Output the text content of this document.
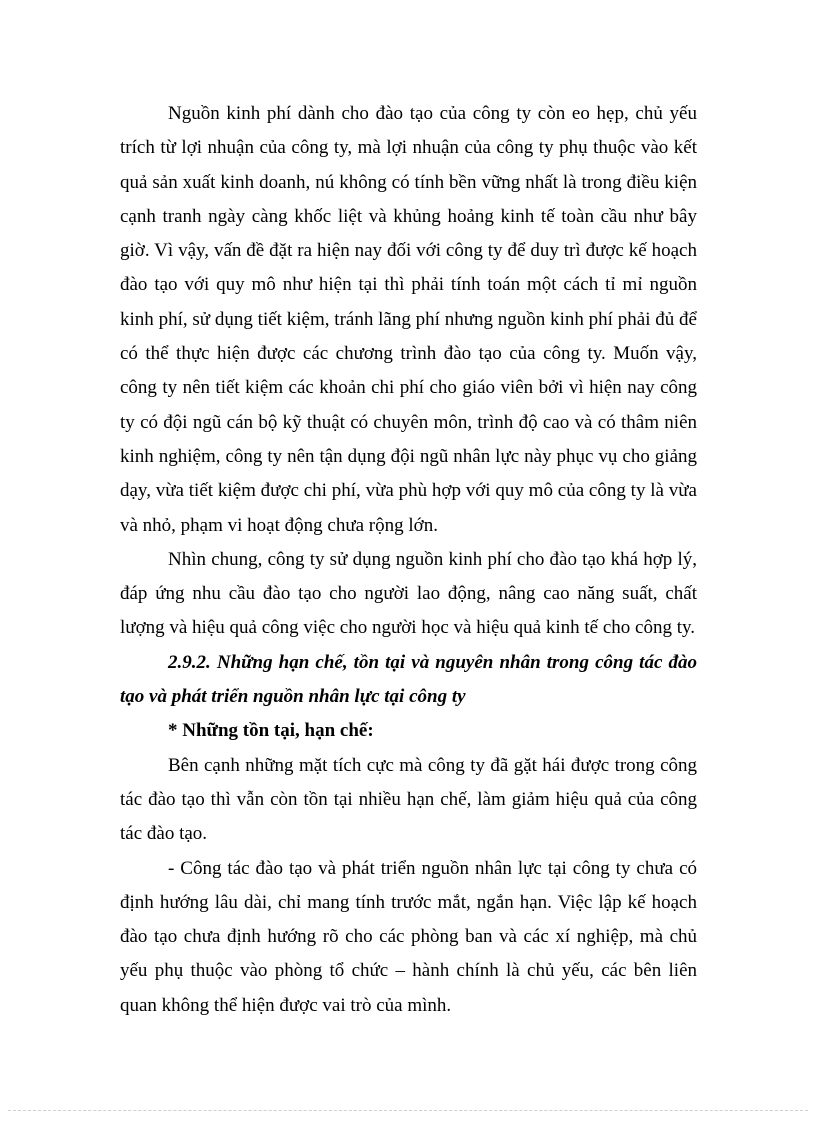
Nguồn kinh phí dành cho đào tạo của công ty còn eo hẹp, chủ yếu trích từ lợi nhuận của công ty, mà lợi nhuận của công ty phụ thuộc vào kết quả sản xuất kinh doanh, nú không có tính bền vững nhất là trong điều kiện cạnh tranh ngày càng khốc liệt và khủng hoảng kinh tế toàn cầu như bây giờ. Vì vậy, vấn đề đặt ra hiện nay đối với công ty để duy trì được kế hoạch đào tạo với quy mô như hiện tại thì phải tính toán một cách tỉ mỉ nguồn kinh phí, sử dụng tiết kiệm, tránh lãng phí nhưng nguồn kinh phí phải đủ để có thể thực hiện được các chương trình đào tạo của công ty. Muốn vậy, công ty nên tiết kiệm các khoản chi phí cho giáo viên bởi vì hiện nay công ty có đội ngũ cán bộ kỹ thuật có chuyên môn, trình độ cao và có thâm niên kinh nghiệm, công ty nên tận dụng đội ngũ nhân lực này phục vụ cho giảng dạy, vừa tiết kiệm được chi phí, vừa phù hợp với quy mô của công ty là vừa và nhỏ, phạm vi hoạt động chưa rộng lớn.

Nhìn chung, công ty sử dụng nguồn kinh phí cho đào tạo khá hợp lý, đáp ứng nhu cầu đào tạo cho người lao động, nâng cao năng suất, chất lượng và hiệu quả công việc cho người học và hiệu quả kinh tế cho công ty.

2.9.2. Những hạn chế, tồn tại và nguyên nhân trong công tác đào tạo và phát triển nguồn nhân lực tại công ty

* Những tồn tại, hạn chế:

Bên cạnh những mặt tích cực mà công ty đã gặt hái được trong công tác đào tạo thì vẫn còn tồn tại nhiều hạn chế, làm giảm hiệu quả của công tác đào tạo.

- Công tác đào tạo và phát triển nguồn nhân lực tại công ty chưa có định hướng lâu dài, chỉ mang tính trước mắt, ngắn hạn. Việc lập kế hoạch đào tạo chưa định hướng rõ cho các phòng ban và các xí nghiệp, mà chủ yếu phụ thuộc vào phòng tổ chức – hành chính là chủ yếu, các bên liên quan không thể hiện được vai trò của mình.
